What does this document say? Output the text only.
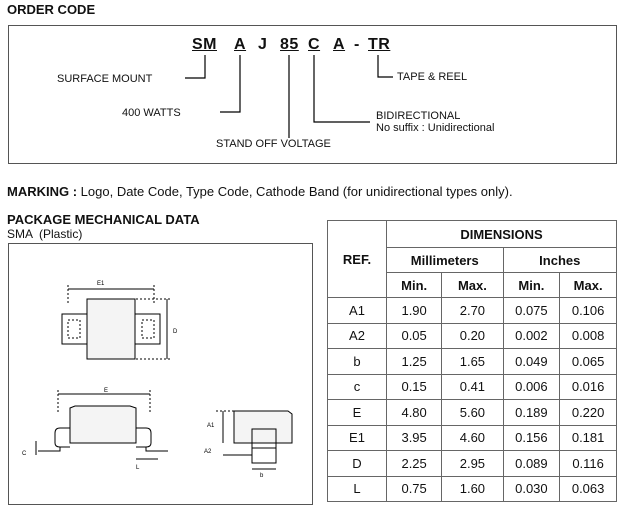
ORDER CODE
SM A J 85 C A - TR
SURFACE MOUNT
400 WATTS
STAND OFF VOLTAGE
BIDIRECTIONAL
No suffix : Unidirectional
TAPE & REEL
MARKING : Logo, Date Code, Type Code, Cathode Band (for unidirectional types only).
PACKAGE MECHANICAL DATA
SMA  (Plastic)
E1
D
E
C
L
A1
A2
b
REF.	DIMENSIONS			
	Millimeters		Inches	
	Min.	Max.	Min.	Max.
A1	1.90	2.70	0.075	0.106
A2	0.05	0.20	0.002	0.008
b	1.25	1.65	0.049	0.065
c	0.15	0.41	0.006	0.016
E	4.80	5.60	0.189	0.220
E1	3.95	4.60	0.156	0.181
D	2.25	2.95	0.089	0.116
L	0.75	1.60	0.030	0.063
